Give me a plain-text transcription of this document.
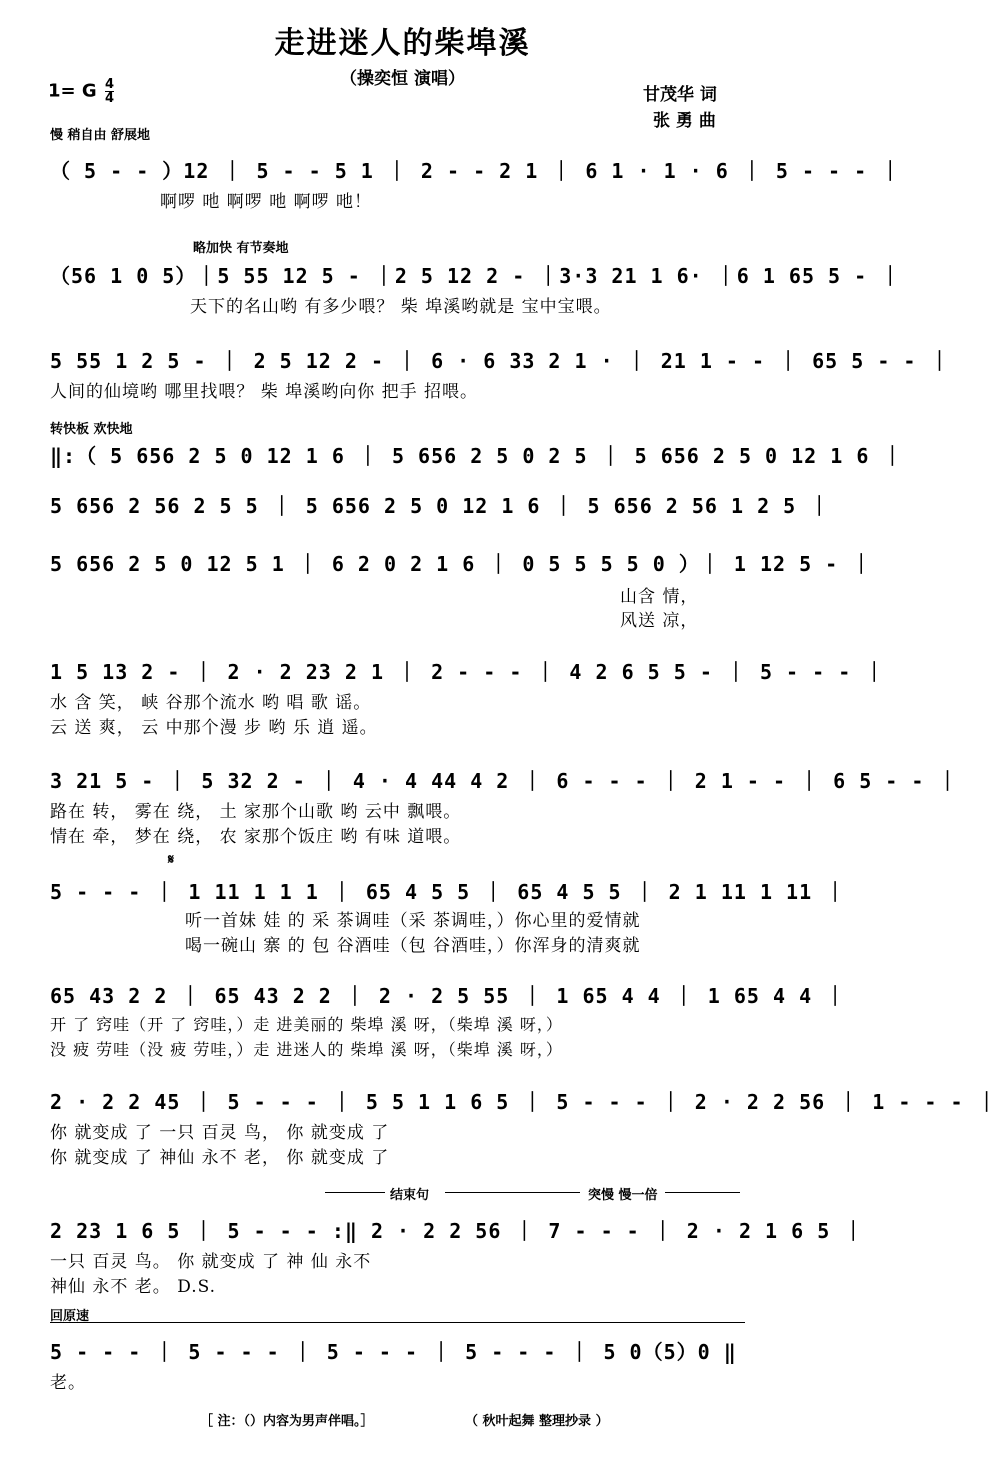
走进迷人的柴埠溪
（操奕恒 演唱）
甘茂华 词
张 勇 曲
1= G $\frac{4}{4}$
慢 稍自由 舒展地
（ 5 - - ）12 ｜ 5 - - 5 1 ｜ 2 - - 2 1 ｜ 6 1 · 1 · 6 ｜ 5 - - - ｜
啊啰 吔 啊啰 吔 啊啰 吔！
略加快 有节奏地
（56 1 0 5）｜5 55 12 5 - ｜2 5 12 2 - ｜3·3 21 1 6· ｜6 1 65 5 - ｜
天下的名山哟 有多少喂？ 柴 埠溪哟就是 宝中宝喂。
5 55 1 2 5 - ｜ 2 5 12 2 - ｜ 6 · 6 33 2 1 · ｜ 21 1 - - ｜ 65 5 - - ｜
人间的仙境哟 哪里找喂？ 柴 埠溪哟向你 把手 招喂。
转快板 欢快地
‖:（ 5 656 2 5 0 12 1 6 ｜ 5 656 2 5 0 2 5 ｜ 5 656 2 5 0 12 1 6 ｜
5 656 2 56 2 5 5 ｜ 5 656 2 5 0 12 1 6 ｜ 5 656 2 56 1 2 5 ｜
5 656 2 5 0 12 5 1 ｜ 6 2 0 2 1 6 ｜ 0 5 5 5 5 0 ）｜ 1 12 5 - ｜
山含 情，
风送 凉，
1 5 13 2 - ｜ 2 · 2 23 2 1 ｜ 2 - - - ｜ 4 2 6 5 5 - ｜ 5 - - - ｜
水 含 笑， 峡 谷那个流水 哟 唱 歌 谣。
云 送 爽， 云 中那个漫 步 哟 乐 逍 遥。
3 21 5 - ｜ 5 32 2 - ｜ 4 · 4 44 4 2 ｜ 6 - - - ｜ 2 1 - - ｜ 6 5 - - ｜
路在 转， 雾在 绕， 土 家那个山歌 哟 云中 飘喂。
情在 牵， 梦在 绕， 农 家那个饭庄 哟 有味 道喂。
𝄋
5 - - - ｜ 1 11 1 1 1 ｜ 65 4 5 5 ｜ 65 4 5 5 ｜ 2 1 11 1 11 ｜
听一首妹 娃 的 采 茶调哇（采 茶调哇，）你心里的爱情就
喝一碗山 寨 的 包 谷酒哇（包 谷酒哇，）你浑身的清爽就
65 43 2 2 ｜ 65 43 2 2 ｜ 2 · 2 5 55 ｜ 1 65 4 4 ｜ 1 65 4 4 ｜
开 了 窍哇（开 了 窍哇，）走 进美丽的 柴埠 溪 呀，（柴埠 溪 呀，）
没 疲 劳哇（没 疲 劳哇，）走 进迷人的 柴埠 溪 呀，（柴埠 溪 呀，）
2 · 2 2 45 ｜ 5 - - - ｜ 5 5 1 1 6 5 ｜ 5 - - - ｜ 2 · 2 2 56 ｜ 1 - - - ｜
你 就变成 了 一只 百灵 鸟， 你 就变成 了
你 就变成 了 神仙 永不 老， 你 就变成 了
结束句	突慢 慢一倍
2 23 1 6 5 ｜ 5 - - - :‖ 2 · 2 2 56 ｜ 7 - - - ｜ 2 · 2 1 6 5 ｜
一只 百灵 鸟。 你 就变成 了 神 仙 永不
神仙 永不 老。 D.S.
回原速
5 - - - ｜ 5 - - - ｜ 5 - - - ｜ 5 - - - ｜ 5 0（5）0 ‖
老。
［ 注：（）内容为男声伴唱。］	（ 秋叶起舞 整理抄录 ）
